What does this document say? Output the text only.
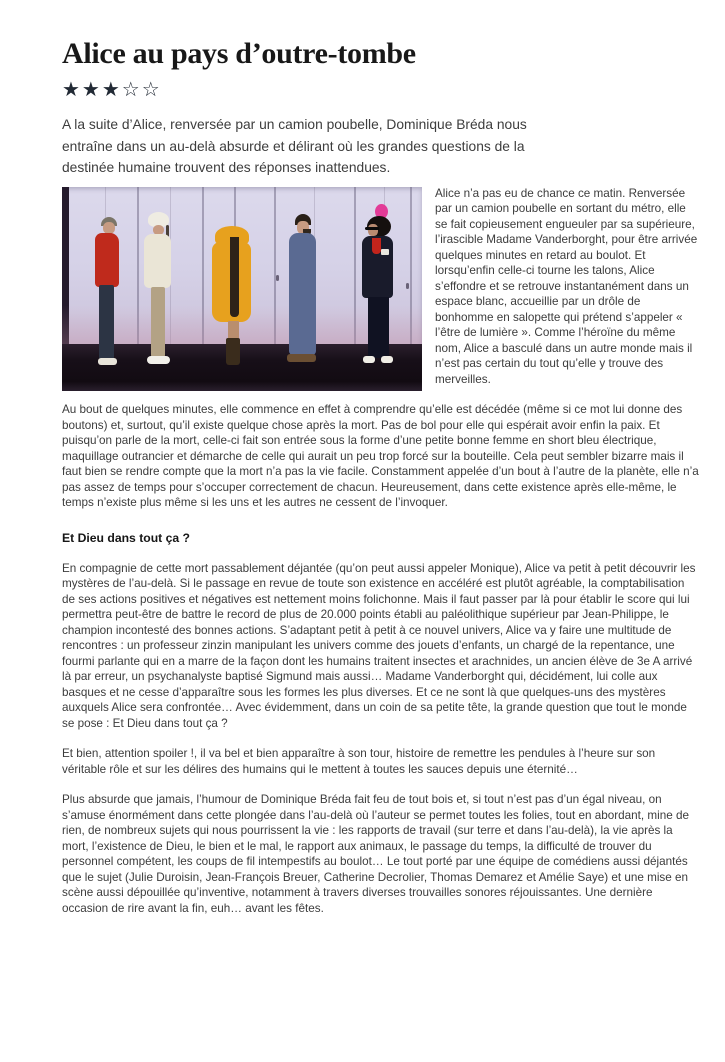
Alice au pays d’outre-tombe
★★★☆☆

A la suite d’Alice, renversée par un camion poubelle, Dominique Bréda nous entraîne dans un au-delà absurde et délirant où les grandes questions de la destinée humaine trouvent des réponses inattendues.

Alice n’a pas eu de chance ce matin. Renversée par un camion poubelle en sortant du métro, elle se fait copieusement engueuler par sa supérieure, l’irascible Madame Vanderborght, pour être arrivée quelques minutes en retard au boulot. Et lorsqu’enfin celle-ci tourne les talons, Alice s’effondre et se retrouve instantanément dans un espace blanc, accueillie par un drôle de bonhomme en salopette qui prétend s’appeler « l’être de lumière ». Comme l’héroïne du même nom, Alice a basculé dans un autre monde mais il n’est pas certain du tout qu’elle y trouve des merveilles.

Au bout de quelques minutes, elle commence en effet à comprendre qu’elle est décédée (même si ce mot lui donne des boutons) et, surtout, qu’il existe quelque chose après la mort. Pas de bol pour elle qui espérait avoir enfin la paix. Et puisqu’on parle de la mort, celle-ci fait son entrée sous la forme d’une petite bonne femme en short bleu électrique, maquillage outrancier et démarche de celle qui aurait un peu trop forcé sur la bouteille. Cela peut sembler bizarre mais il faut bien se rendre compte que la mort n’a pas la vie facile. Constamment appelée d’un bout à l’autre de la planète, elle n’a pas assez de temps pour s’occuper correctement de chacun. Heureusement, dans cette existence après elle-même, le temps n’existe plus même si les uns et les autres ne cessent de l’invoquer.

Et Dieu dans tout ça ?

En compagnie de cette mort passablement déjantée (qu’on peut aussi appeler Monique), Alice va petit à petit découvrir les mystères de l’au-delà. Si le passage en revue de toute son existence en accéléré est plutôt agréable, la comptabilisation de ses actions positives et négatives est nettement moins folichonne. Mais il faut passer par là pour établir le score qui lui permettra peut-être de battre le record de plus de 20.000 points établi au paléolithique supérieur par Jean-Philippe, le champion incontesté des bonnes actions. S’adaptant petit à petit à ce nouvel univers, Alice va y faire une multitude de rencontres : un professeur zinzin manipulant les univers comme des jouets d’enfants, un chargé de la repentance, une fourmi parlante qui en a marre de la façon dont les humains traitent insectes et arachnides, un ancien élève de 3e A arrivé là par erreur, un psychanalyste baptisé Sigmund mais aussi… Madame Vanderborght qui, décidément, lui colle aux basques et ne cesse d’apparaître sous les formes les plus diverses. Et ce ne sont là que quelques-uns des mystères auxquels Alice sera confrontée… Avec évidemment, dans un coin de sa petite tête, la grande question que tout le monde se pose : Et Dieu dans tout ça ?

Et bien, attention spoiler !, il va bel et bien apparaître à son tour, histoire de remettre les pendules à l’heure sur son véritable rôle et sur les délires des humains qui le mettent à toutes les sauces depuis une éternité…

Plus absurde que jamais, l’humour de Dominique Bréda fait feu de tout bois et, si tout n’est pas d’un égal niveau, on s’amuse énormément dans cette plongée dans l’au-delà où l’auteur se permet toutes les folies, tout en abordant, mine de rien, de nombreux sujets qui nous pourrissent la vie : les rapports de travail (sur terre et dans l’au-delà), la vie après la mort, l’existence de Dieu, le bien et le mal, le rapport aux animaux, le passage du temps, la difficulté de trouver du personnel compétent, les coups de fil intempestifs au boulot… Le tout porté par une équipe de comédiens aussi déjantés que le sujet (Julie Duroisin, Jean-François Breuer, Catherine Decrolier, Thomas Demarez et Amélie Saye) et une mise en scène aussi dépouillée qu’inventive, notamment à travers diverses trouvailles sonores réjouissantes. Une dernière occasion de rire avant la fin, euh… avant les fêtes.
